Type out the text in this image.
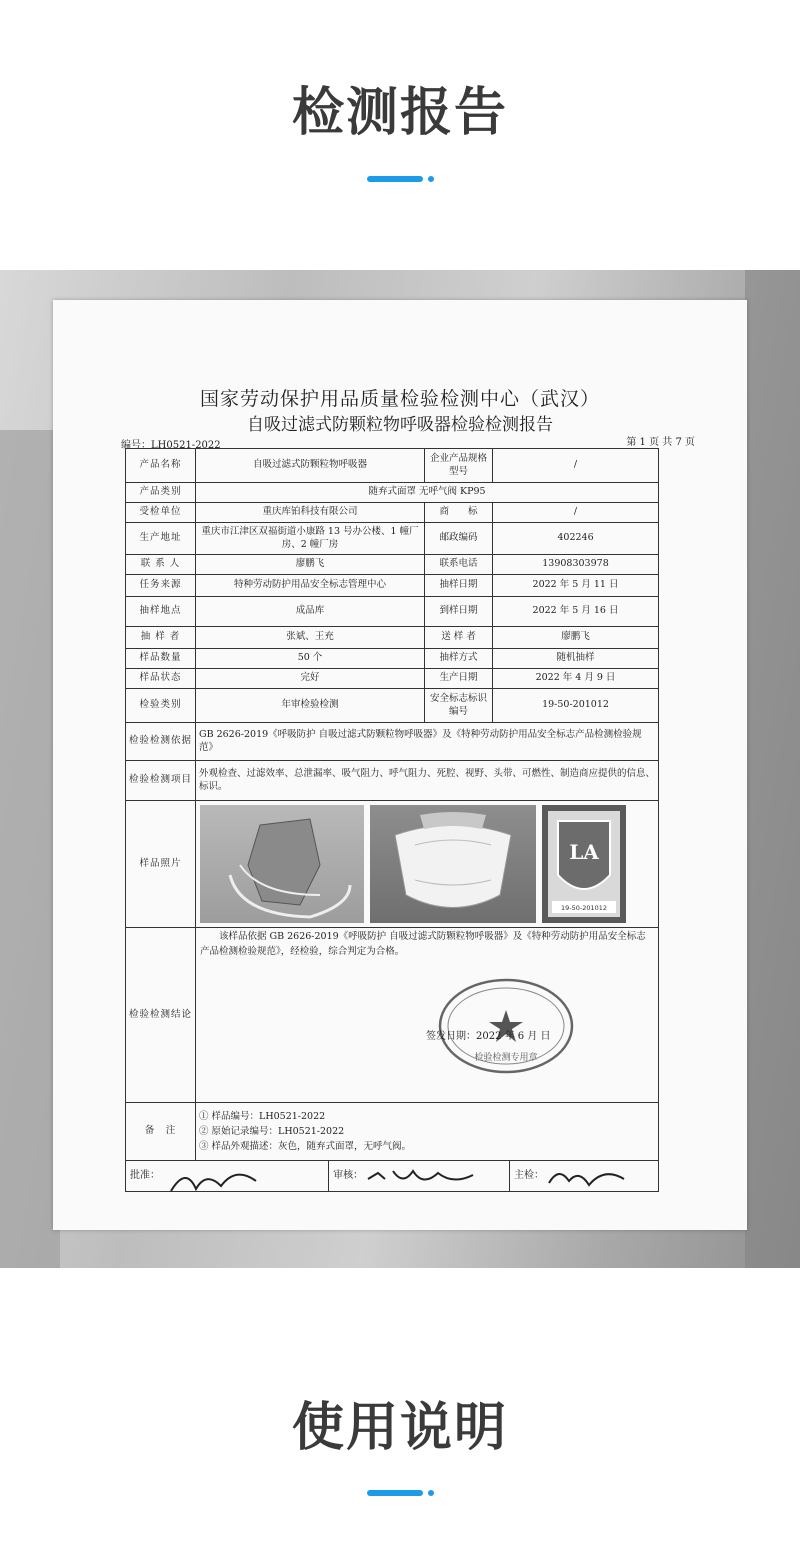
检测报告
国家劳动保护用品质量检验检测中心（武汉）
自吸过滤式防颗粒物呼吸器检验检测报告
编号：LH0521-2022	第 1 页 共 7 页
产品名称	自吸过滤式防颗粒物呼吸器	企业产品规格型号	/
产品类别	随弃式面罩 无呼气阀 KP95		
受检单位	重庆库铂科技有限公司	商　　标	/
生产地址	重庆市江津区双福街道小康路 13 号办公楼、1 幢厂房、2 幢厂房	邮政编码	402246
联 系 人	廖鹏飞	联系电话	13908303978
任务来源	特种劳动防护用品安全标志管理中心	抽样日期	2022 年 5 月 11 日
抽样地点	成品库	到样日期	2022 年 5 月 16 日
抽 样 者	张斌、王充	送 样 者	廖鹏飞
样品数量	50 个	抽样方式	随机抽样
样品状态	完好	生产日期	2022 年 4 月 9 日
检验类别	年审检验检测	安全标志标识编号	19-50-201012
检验检测依据	GB 2626-2019《呼吸防护 自吸过滤式防颗粒物呼吸器》及《特种劳动防护用品安全标志产品检测检验规范》		
检验检测项目	外观检查、过滤效率、总泄漏率、吸气阻力、呼气阻力、死腔、视野、头带、可燃性、制造商应提供的信息、标识。		
样品照片	LA
19-50-201012		

检验检测结论	该样品依据 GB 2626-2019《呼吸防护 自吸过滤式防颗粒物呼吸器》及《特种劳动防护用品安全标志产品检测检验规范》，经检验，综合判定为合格。
检验检测专用章
签发日期：2022 年 6 月 日		

备　注	① 样品编号：LH0521-2022
② 原始记录编号：LH0521-2022
③ 样品外观描述：灰色，随弃式面罩，无呼气阀。		

批准： 审核： 主检：			
使用说明
